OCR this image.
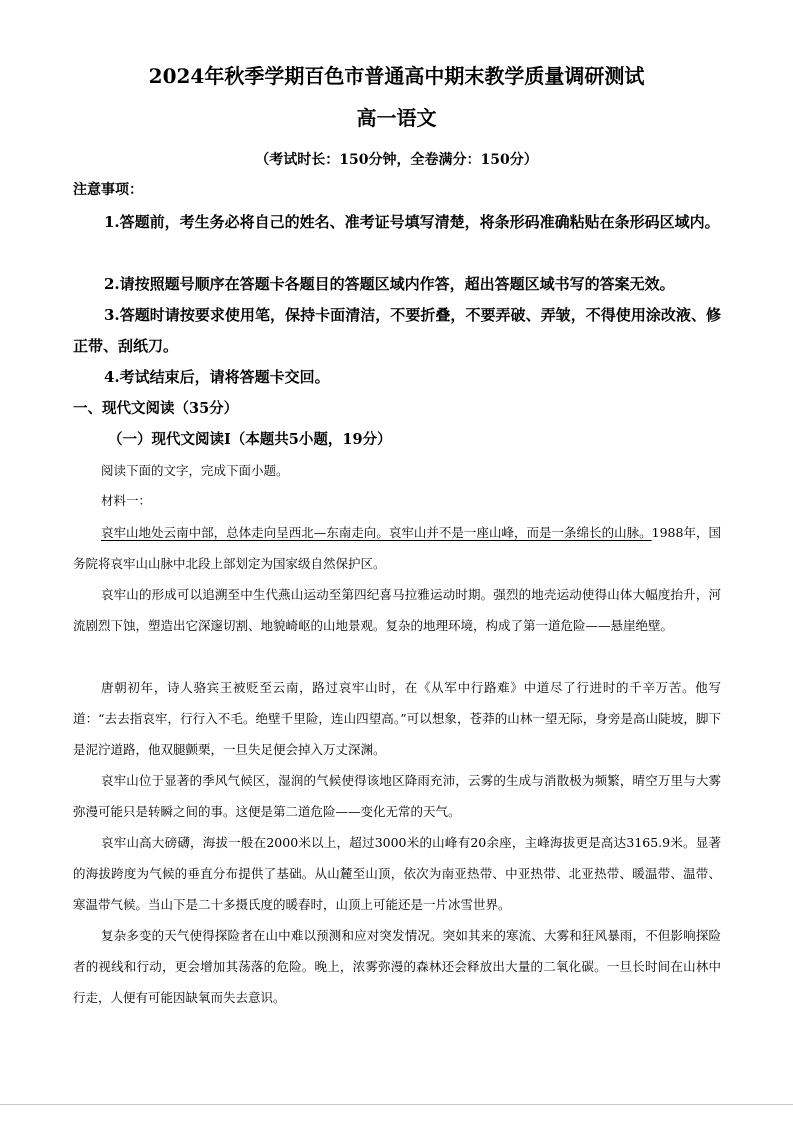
2024年秋季学期百色市普通高中期末教学质量调研测试
高一语文
（考试时长：150分钟，全卷满分：150分）
注意事项：
1.答题前，考生务必将自己的姓名、准考证号填写清楚，将条形码准确粘贴在条形码区域内。
2.请按照题号顺序在答题卡各题目的答题区域内作答，超出答题区域书写的答案无效。
3.答题时请按要求使用笔，保持卡面清洁，不要折叠，不要弄破、弄皱，不得使用涂改液、修正带、刮纸刀。
4.考试结束后，请将答题卡交回。
一、现代文阅读（35分）
（一）现代文阅读Ⅰ（本题共5小题，19分）
阅读下面的文字，完成下面小题。
材料一：
哀牢山地处云南中部，总体走向呈西北—东南走向。哀牢山并不是一座山峰，而是一条绵长的山脉。1988年，国务院将哀牢山山脉中北段上部划定为国家级自然保护区。
哀牢山的形成可以追溯至中生代燕山运动至第四纪喜马拉雅运动时期。强烈的地壳运动使得山体大幅度抬升，河流剧烈下蚀，塑造出它深邃切割、地貌崎岖的山地景观。复杂的地理环境，构成了第一道危险——悬崖绝壁。
唐朝初年，诗人骆宾王被贬至云南，路过哀牢山时，在《从军中行路难》中道尽了行进时的千辛万苦。他写道：“去去指哀牢，行行入不毛。绝壁千里险，连山四望高。”可以想象，苍莽的山林一望无际，身旁是高山陡坡，脚下是泥泞道路，他双腿颤栗，一旦失足便会掉入万丈深渊。
哀牢山位于显著的季风气候区，湿润的气候使得该地区降雨充沛，云雾的生成与消散极为频繁，晴空万里与大雾弥漫可能只是转瞬之间的事。这便是第二道危险——变化无常的天气。
哀牢山高大磅礴，海拔一般在2000米以上，超过3000米的山峰有20余座，主峰海拔更是高达3165.9米。显著的海拔跨度为气候的垂直分布提供了基础。从山麓至山顶，依次为南亚热带、中亚热带、北亚热带、暖温带、温带、寒温带气候。当山下是二十多摄氏度的暖春时，山顶上可能还是一片冰雪世界。
复杂多变的天气使得探险者在山中难以预测和应对突发情况。突如其来的寒流、大雾和狂风暴雨，不但影响探险者的视线和行动，更会增加其荡落的危险。晚上，浓雾弥漫的森林还会释放出大量的二氧化碳。一旦长时间在山林中行走，人便有可能因缺氧而失去意识。
